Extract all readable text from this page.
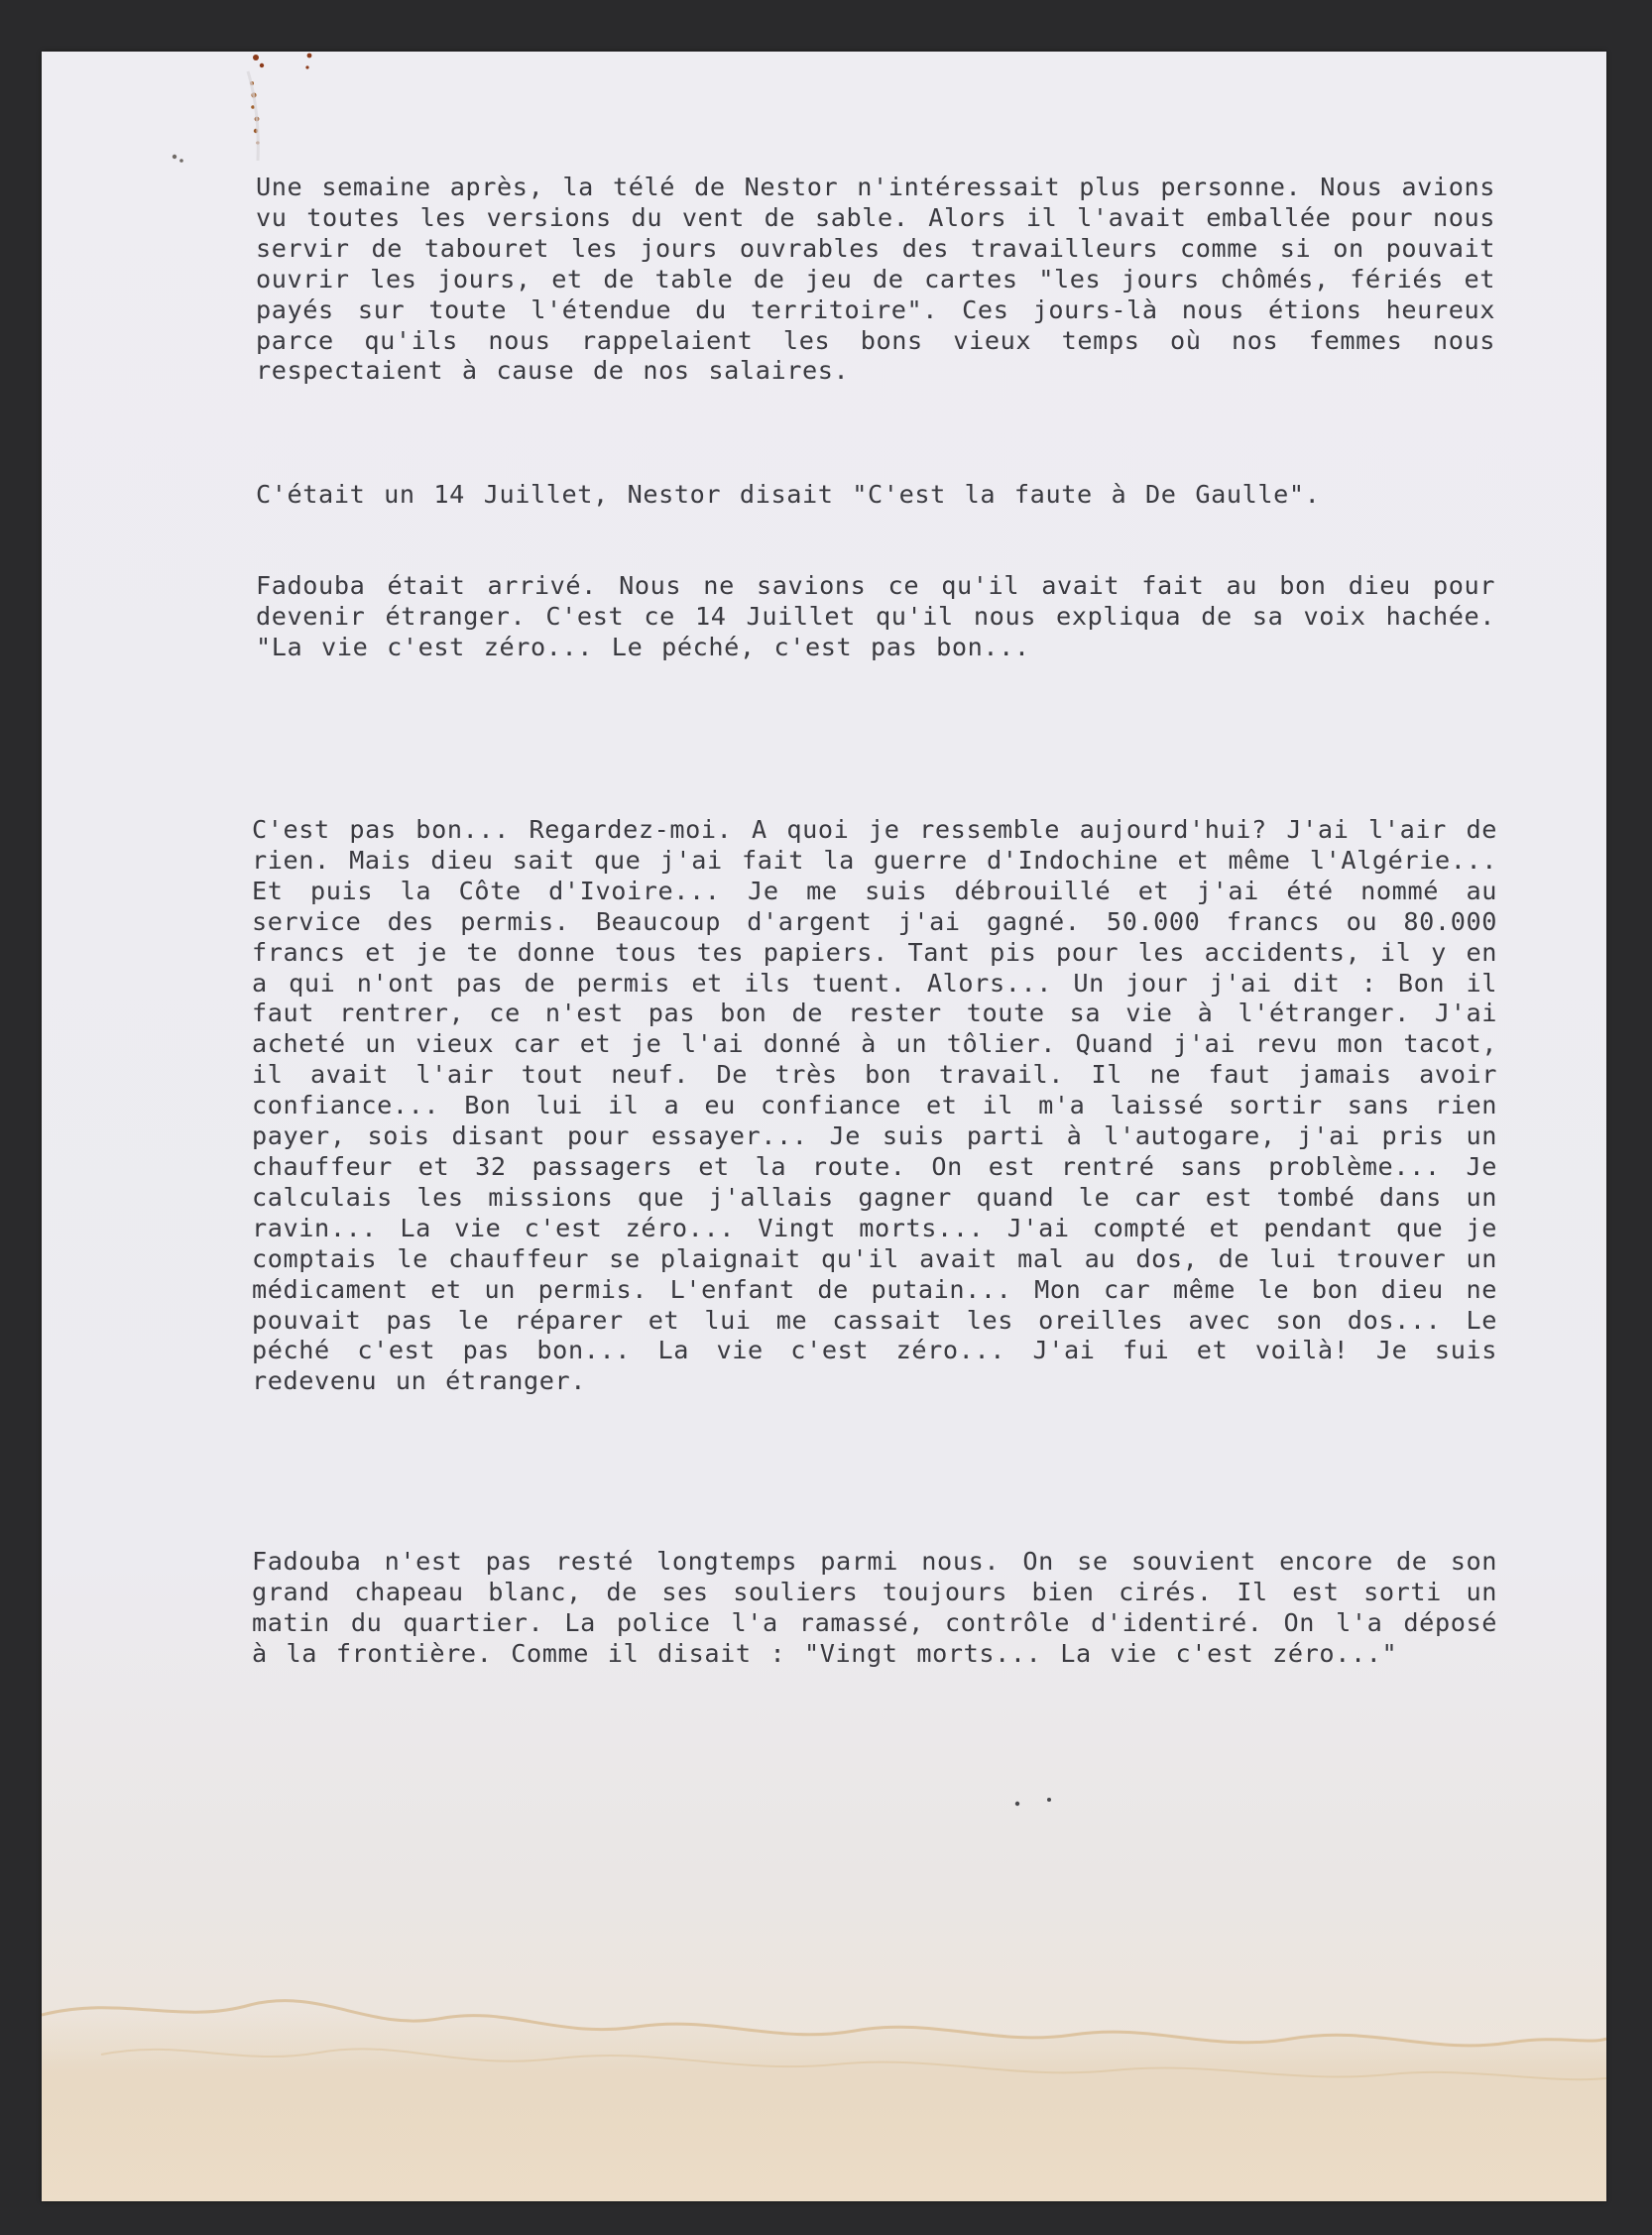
Une semaine après, la télé de Nestor n'intéressait plus personne. Nous avions vu toutes les versions du vent de sable. Alors il l'avait emballée pour nous servir de tabouret les jours ouvrables des travailleurs comme si on pouvait ouvrir les jours, et de table de jeu de cartes "les jours chômés, fériés et payés sur toute l'étendue du territoire". Ces jours-là nous étions heureux parce qu'ils nous rappelaient les bons vieux temps où nos femmes nous respectaient à cause de nos salaires.

C'était un 14 Juillet, Nestor disait "C'est la faute à De Gaulle".

Fadouba était arrivé. Nous ne savions ce qu'il avait fait au bon dieu pour devenir étranger. C'est ce 14 Juillet qu'il nous expliqua de sa voix hachée. "La vie c'est zéro... Le péché, c'est pas bon...

C'est pas bon... Regardez-moi. A quoi je ressemble aujourd'hui? J'ai l'air de rien. Mais dieu sait que j'ai fait la guerre d'Indochine et même l'Algérie... Et puis la Côte d'Ivoire... Je me suis débrouillé et j'ai été nommé au service des permis. Beaucoup d'argent j'ai gagné. 50.000 francs ou 80.000 francs et je te donne tous tes papiers. Tant pis pour les accidents, il y en a qui n'ont pas de permis et ils tuent. Alors... Un jour j'ai dit : Bon il faut rentrer, ce n'est pas bon de rester toute sa vie à l'étranger. J'ai acheté un vieux car et je l'ai donné à un tôlier. Quand j'ai revu mon tacot, il avait l'air tout neuf. De très bon travail. Il ne faut jamais avoir confiance... Bon lui il a eu confiance et il m'a laissé sortir sans rien payer, sois disant pour essayer... Je suis parti à l'autogare, j'ai pris un chauffeur et 32 passagers et la route. On est rentré sans problème... Je calculais les missions que j'allais gagner quand le car est tombé dans un ravin... La vie c'est zéro... Vingt morts... J'ai compté et pendant que je comptais le chauffeur se plaignait qu'il avait mal au dos, de lui trouver un médicament et un permis. L'enfant de putain... Mon car même le bon dieu ne pouvait pas le réparer et lui me cassait les oreilles avec son dos... Le péché c'est pas bon... La vie c'est zéro... J'ai fui et voilà! Je suis redevenu un étranger.

Fadouba n'est pas resté longtemps parmi nous. On se souvient encore de son grand chapeau blanc, de ses souliers toujours bien cirés. Il est sorti un matin du quartier. La police l'a ramassé, contrôle d'identiré. On l'a déposé à la frontière. Comme il disait : "Vingt morts... La vie c'est zéro..."
